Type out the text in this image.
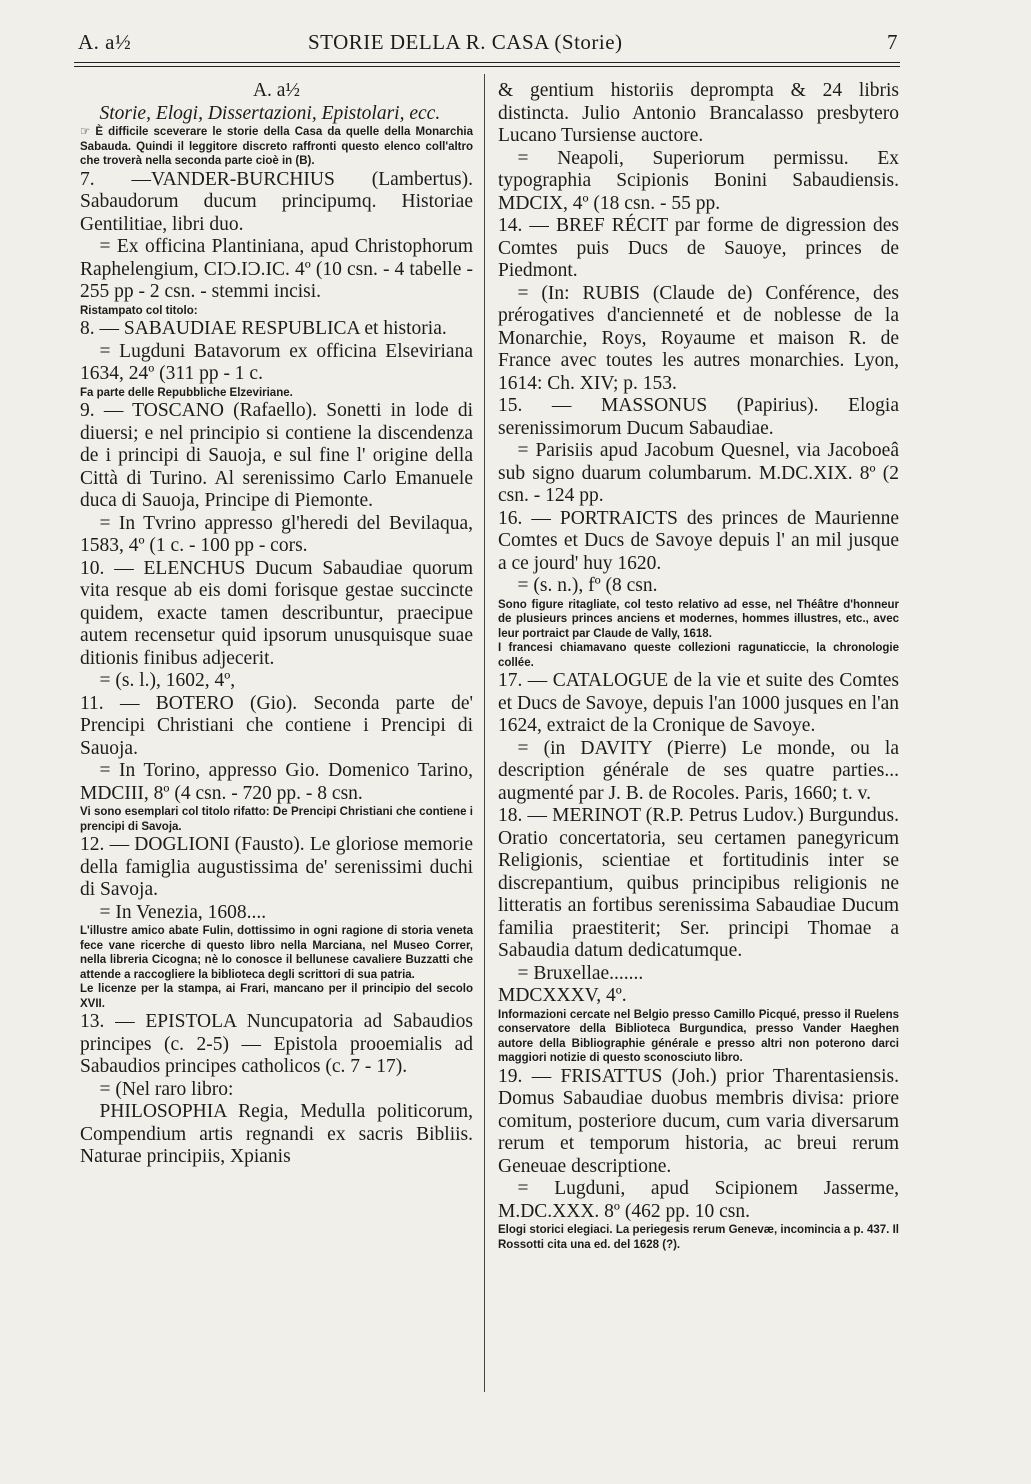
A. a½	STORIE DELLA R. CASA (Storie)	7

A. a½

Storie, Elogi, Dissertazioni, Epistolari, ecc.

☞ È difficile sceverare le storie della Casa da quelle della Monarchia Sabauda. Quindi il leggitore discreto raffronti questo elenco coll'altro che troverà nella seconda parte cioè in (B).

7. —VANDER-BURCHIUS (Lambertus). Sabaudorum ducum principumq. Historiae Gentilitiae, libri duo.

= Ex officina Plantiniana, apud Christophorum Raphelengium, CIƆ.IƆ.IC. 4º (10 csn. - 4 tabelle - 255 pp - 2 csn. - stemmi incisi.

Ristampato col titolo:

8. — SABAUDIAE RESPUBLICA et historia.

= Lugduni Batavorum ex officina Elseviriana 1634, 24º (311 pp - 1 c.

Fa parte delle Repubbliche Elzeviriane.

9. — TOSCANO (Rafaello). Sonetti in lode di diuersi; e nel principio si contiene la discendenza de i principi di Sauoja, e sul fine l' origine della Città di Turino. Al serenissimo Carlo Emanuele duca di Sauoja, Principe di Piemonte.

= In Tvrino appresso gl'heredi del Bevilaqua, 1583, 4º (1 c. - 100 pp - cors.

10. — ELENCHUS Ducum Sabaudiae quorum vita resque ab eis domi forisque gestae succincte quidem, exacte tamen describuntur, praecipue autem recensetur quid ipsorum unusquisque suae ditionis finibus adjecerit.

= (s. l.), 1602, 4º,

11. — BOTERO (Gio). Seconda parte de' Prencipi Christiani che contiene i Prencipi di Sauoja.

= In Torino, appresso Gio. Domenico Tarino, MDCIII, 8º (4 csn. - 720 pp. - 8 csn.

Vi sono esemplari col titolo rifatto: De Prencipi Christiani che contiene i prencipi di Savoja.

12. — DOGLIONI (Fausto). Le gloriose memorie della famiglia augustissima de' serenissimi duchi di Savoja.

= In Venezia, 1608....

L'illustre amico abate Fulin, dottissimo in ogni ragione di storia veneta fece vane ricerche di questo libro nella Marciana, nel Museo Correr, nella libreria Cicogna; nè lo conosce il bellunese cavaliere Buzzatti che attende a raccogliere la biblioteca degli scrittori di sua patria.

Le licenze per la stampa, ai Frari, mancano per il principio del secolo XVII.

13. — EPISTOLA Nuncupatoria ad Sabaudios principes (c. 2-5) — Epistola prooemialis ad Sabaudios principes catholicos (c. 7 - 17).

= (Nel raro libro:

PHILOSOPHIA Regia, Medulla politicorum, Compendium artis regnandi ex sacris Bibliis. Naturae principiis, Xpianis

& gentium historiis deprompta & 24 libris distincta. Julio Antonio Brancalasso presbytero Lucano Tursiense auctore.

= Neapoli, Superiorum permissu. Ex typographia Scipionis Bonini Sabaudiensis. MDCIX, 4º (18 csn. - 55 pp.

14. — BREF RÉCIT par forme de digression des Comtes puis Ducs de Sauoye, princes de Piedmont.

= (In: RUBIS (Claude de) Conférence, des prérogatives d'ancienneté et de noblesse de la Monarchie, Roys, Royaume et maison R. de France avec toutes les autres monarchies. Lyon, 1614: Ch. XIV; p. 153.

15. — MASSONUS (Papirius). Elogia serenissimorum Ducum Sabaudiae.

= Parisiis apud Jacobum Quesnel, via Jacoboeâ sub signo duarum columbarum. M.DC.XIX. 8º (2 csn. - 124 pp.

16. — PORTRAICTS des princes de Maurienne Comtes et Ducs de Savoye depuis l' an mil jusque a ce jourd' huy 1620.

= (s. n.), fº (8 csn.

Sono figure ritagliate, col testo relativo ad esse, nel Théâtre d'honneur de plusieurs princes anciens et modernes, hommes illustres, etc., avec leur portraict par Claude de Vally, 1618.

I francesi chiamavano queste collezioni ragunaticcie, la chronologie collée.

17. — CATALOGUE de la vie et suite des Comtes et Ducs de Savoye, depuis l'an 1000 jusques en l'an 1624, extraict de la Cronique de Savoye.

= (in DAVITY (Pierre) Le monde, ou la description générale de ses quatre parties... augmenté par J. B. de Rocoles. Paris, 1660; t. v.

18. — MERINOT (R.P. Petrus Ludov.) Burgundus. Oratio concertatoria, seu certamen panegyricum Religionis, scientiae et fortitudinis inter se discrepantium, quibus principibus religionis ne litteratis an fortibus serenissima Sabaudiae Ducum familia praestiterit; Ser. principi Thomae a Sabaudia datum dedicatumque.

= Bruxellae.......

MDCXXXV, 4º.

Informazioni cercate nel Belgio presso Camillo Picqué, presso il Ruelens conservatore della Biblioteca Burgundica, presso Vander Haeghen autore della Bibliographie générale e presso altri non poterono darci maggiori notizie di questo sconosciuto libro.

19. — FRISATTUS (Joh.) prior Tharentasiensis. Domus Sabaudiae duobus membris divisa: priore comitum, posteriore ducum, cum varia diversarum rerum et temporum historia, ac breui rerum Geneuae descriptione.

= Lugduni, apud Scipionem Jasserme, M.DC.XXX. 8º (462 pp. 10 csn.

Elogi storici elegiaci. La periegesis rerum Genevæ, incomincia a p. 437. Il Rossotti cita una ed. del 1628 (?).
